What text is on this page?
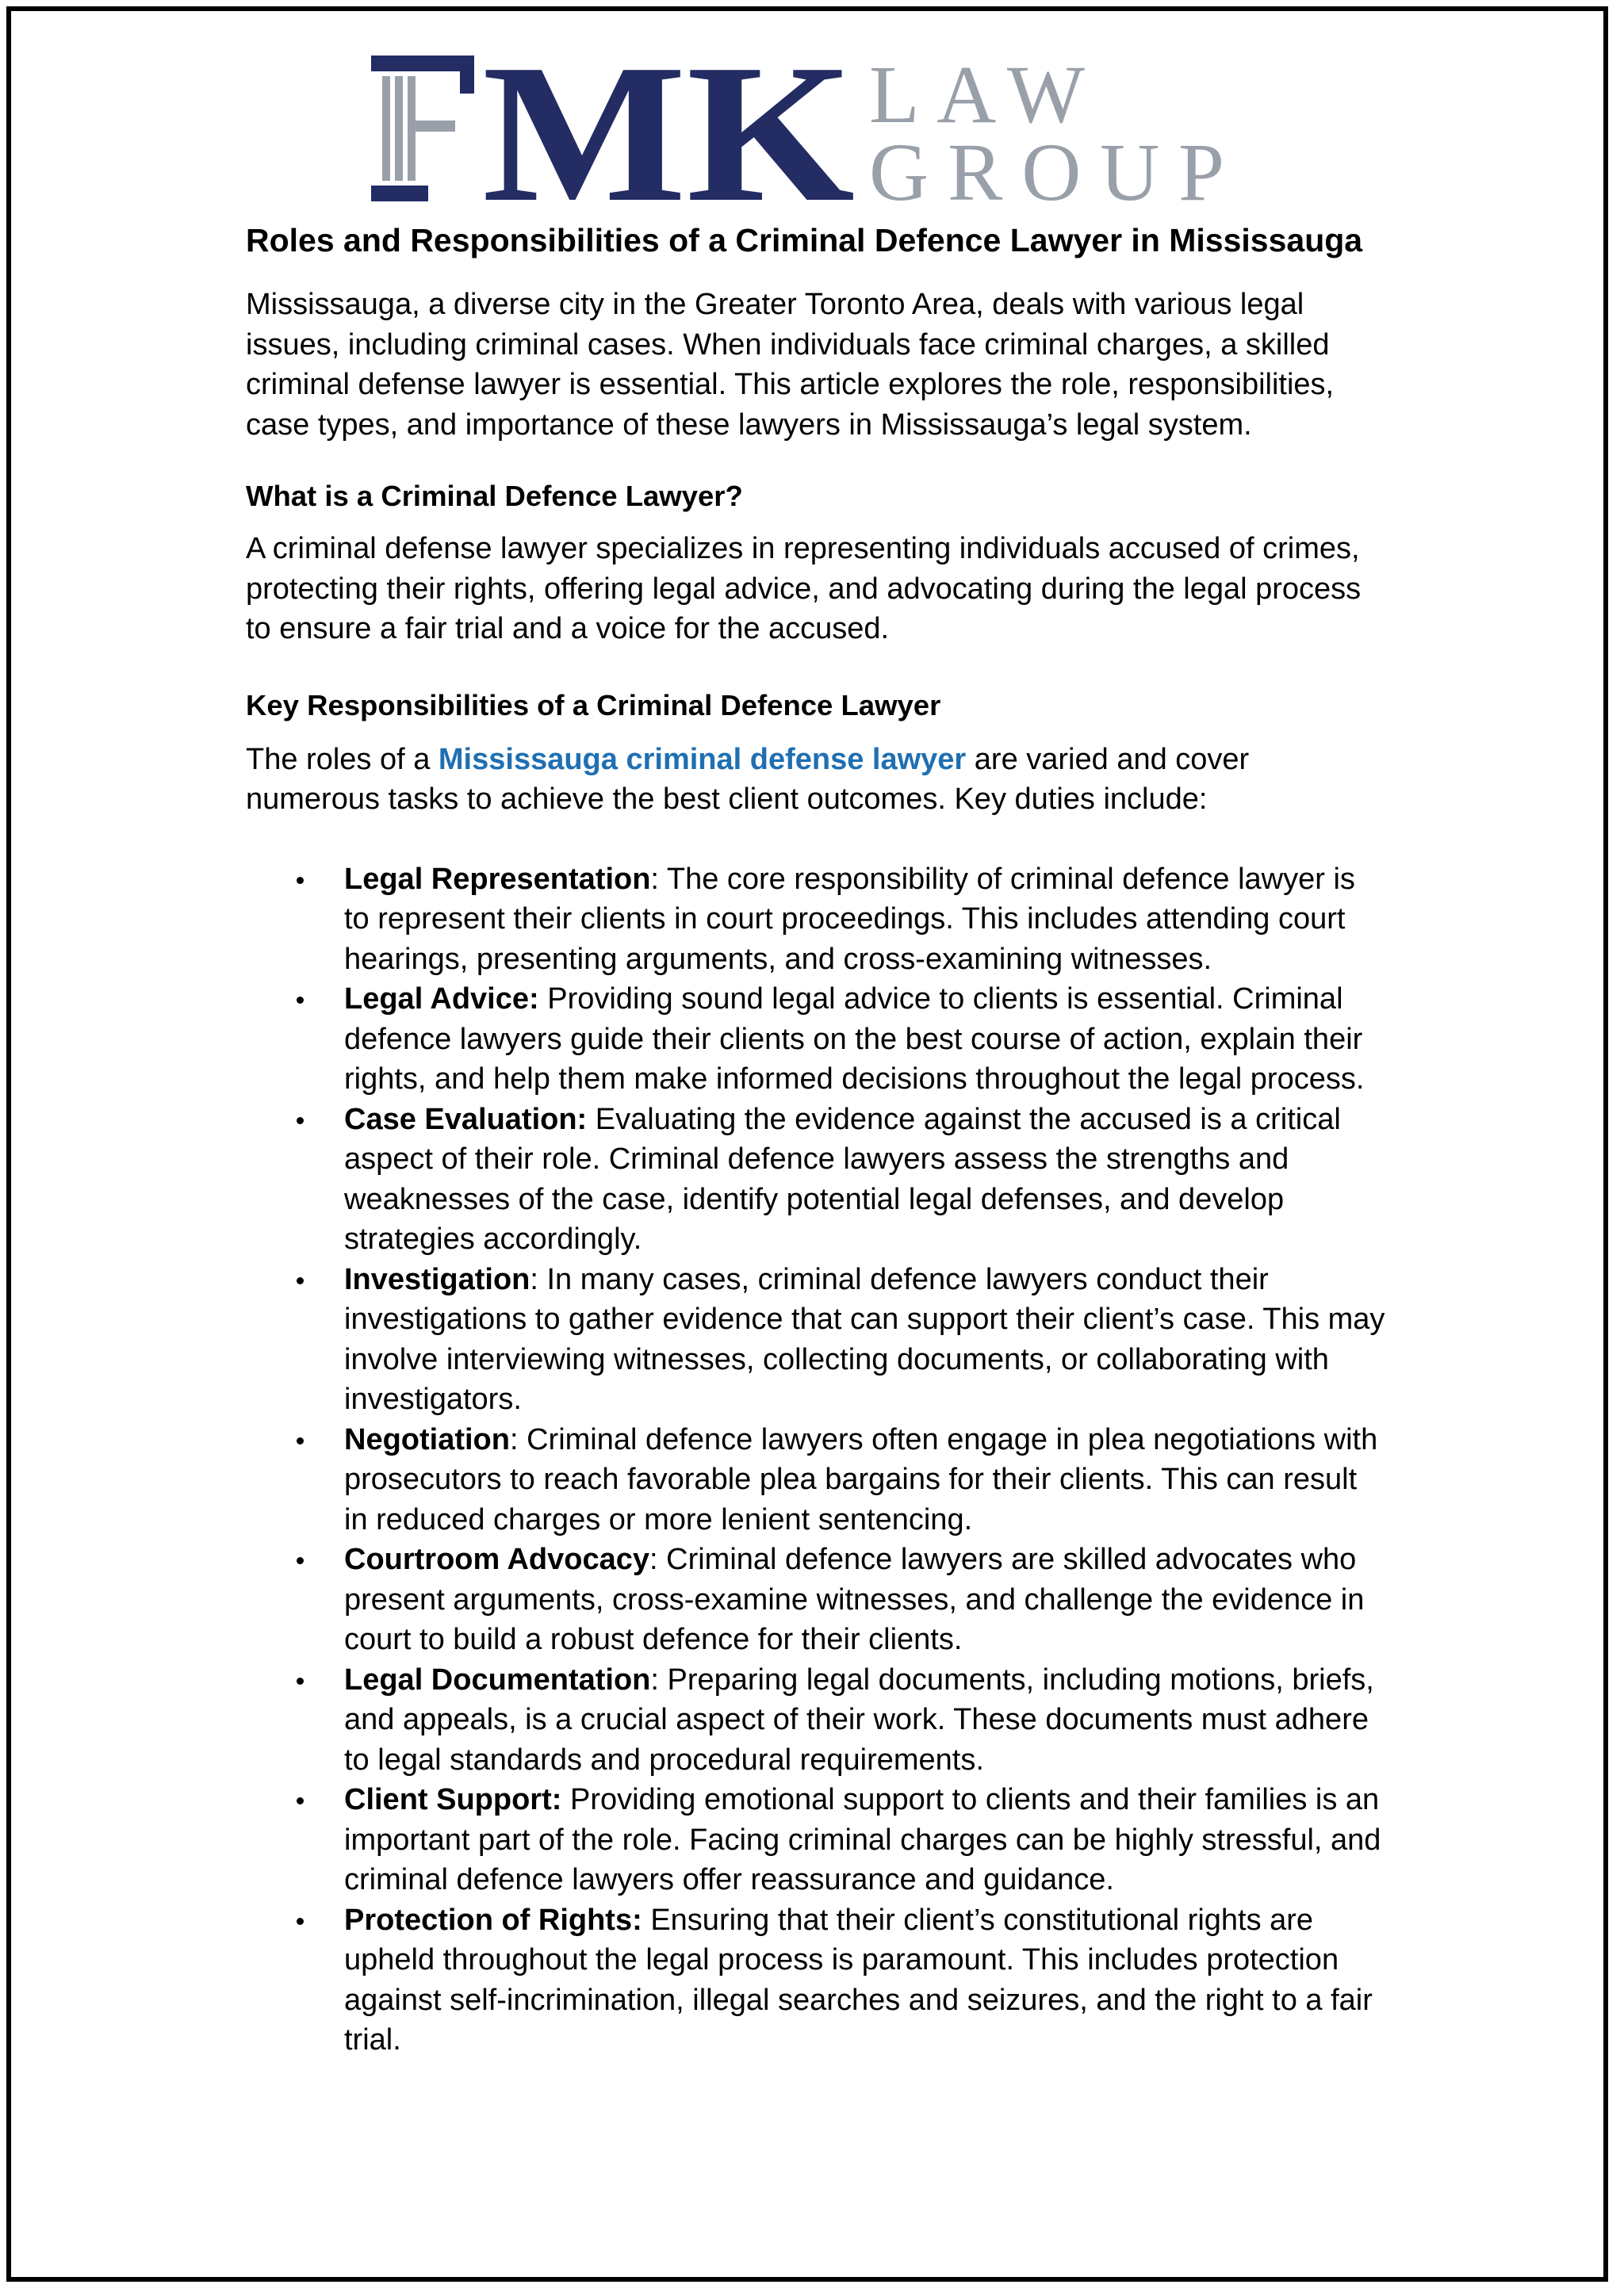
MK LAW
GROUP
Roles and Responsibilities of a Criminal Defence Lawyer in Mississauga

Mississauga, a diverse city in the Greater Toronto Area, deals with various legal issues, including criminal cases. When individuals face criminal charges, a skilled criminal defense lawyer is essential. This article explores the role, responsibilities, case types, and importance of these lawyers in Mississauga’s legal system.

What is a Criminal Defence Lawyer?

A criminal defense lawyer specializes in representing individuals accused of crimes, protecting their rights, offering legal advice, and advocating during the legal process to ensure a fair trial and a voice for the accused.

Key Responsibilities of a Criminal Defence Lawyer

The roles of a Mississauga criminal defense lawyer are varied and cover numerous tasks to achieve the best client outcomes. Key duties include:

Legal Representation: The core responsibility of criminal defence lawyer is to represent their clients in court proceedings. This includes attending court hearings, presenting arguments, and cross-examining witnesses.
Legal Advice: Providing sound legal advice to clients is essential. Criminal defence lawyers guide their clients on the best course of action, explain their rights, and help them make informed decisions throughout the legal process.
Case Evaluation: Evaluating the evidence against the accused is a critical aspect of their role. Criminal defence lawyers assess the strengths and weaknesses of the case, identify potential legal defenses, and develop strategies accordingly.
Investigation: In many cases, criminal defence lawyers conduct their investigations to gather evidence that can support their client’s case. This may involve interviewing witnesses, collecting documents, or collaborating with investigators.
Negotiation: Criminal defence lawyers often engage in plea negotiations with prosecutors to reach favorable plea bargains for their clients. This can result in reduced charges or more lenient sentencing.
Courtroom Advocacy: Criminal defence lawyers are skilled advocates who present arguments, cross-examine witnesses, and challenge the evidence in court to build a robust defence for their clients.
Legal Documentation: Preparing legal documents, including motions, briefs, and appeals, is a crucial aspect of their work. These documents must adhere to legal standards and procedural requirements.
Client Support: Providing emotional support to clients and their families is an important part of the role. Facing criminal charges can be highly stressful, and criminal defence lawyers offer reassurance and guidance.
Protection of Rights: Ensuring that their client’s constitutional rights are upheld throughout the legal process is paramount. This includes protection against self-incrimination, illegal searches and seizures, and the right to a fair trial.
